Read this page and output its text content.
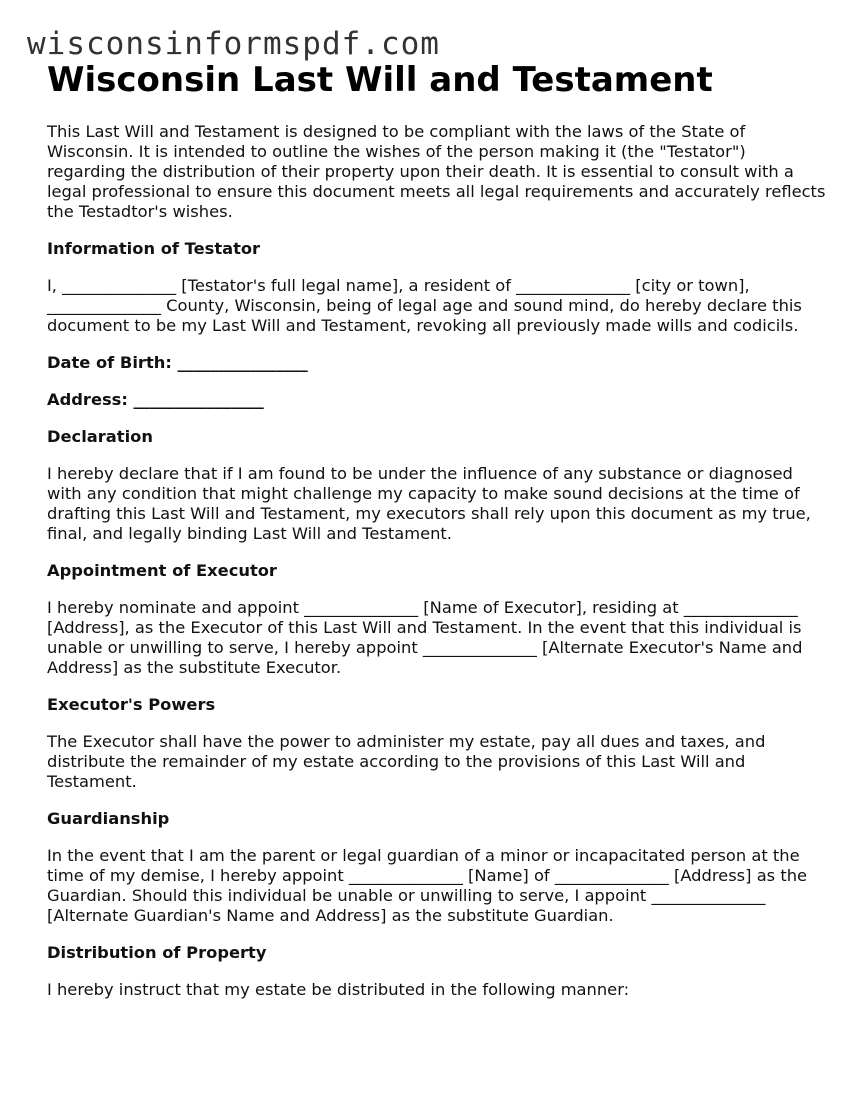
wisconsinformspdf.com
Wisconsin Last Will and Testament

This Last Will and Testament is designed to be compliant with the laws of the State of Wisconsin. It is intended to outline the wishes of the person making it (the "Testator") regarding the distribution of their property upon their death. It is essential to consult with a legal professional to ensure this document meets all legal requirements and accurately reflects the Testadtor's wishes.

Information of Testator

I, ______________ [Testator's full legal name], a resident of ______________ [city or town], ______________ County, Wisconsin, being of legal age and sound mind, do hereby declare this document to be my Last Will and Testament, revoking all previously made wills and codicils.

Date of Birth: ________________
Address: ________________
Declaration

I hereby declare that if I am found to be under the influence of any substance or diagnosed with any condition that might challenge my capacity to make sound decisions at the time of drafting this Last Will and Testament, my executors shall rely upon this document as my true, final, and legally binding Last Will and Testament.

Appointment of Executor

I hereby nominate and appoint ______________ [Name of Executor], residing at ______________ [Address], as the Executor of this Last Will and Testament. In the event that this individual is unable or unwilling to serve, I hereby appoint ______________ [Alternate Executor's Name and Address] as the substitute Executor.

Executor's Powers

The Executor shall have the power to administer my estate, pay all dues and taxes, and distribute the remainder of my estate according to the provisions of this Last Will and Testament.

Guardianship

In the event that I am the parent or legal guardian of a minor or incapacitated person at the time of my demise, I hereby appoint ______________ [Name] of ______________ [Address] as the Guardian. Should this individual be unable or unwilling to serve, I appoint ______________ [Alternate Guardian's Name and Address] as the substitute Guardian.

Distribution of Property

I hereby instruct that my estate be distributed in the following manner:
